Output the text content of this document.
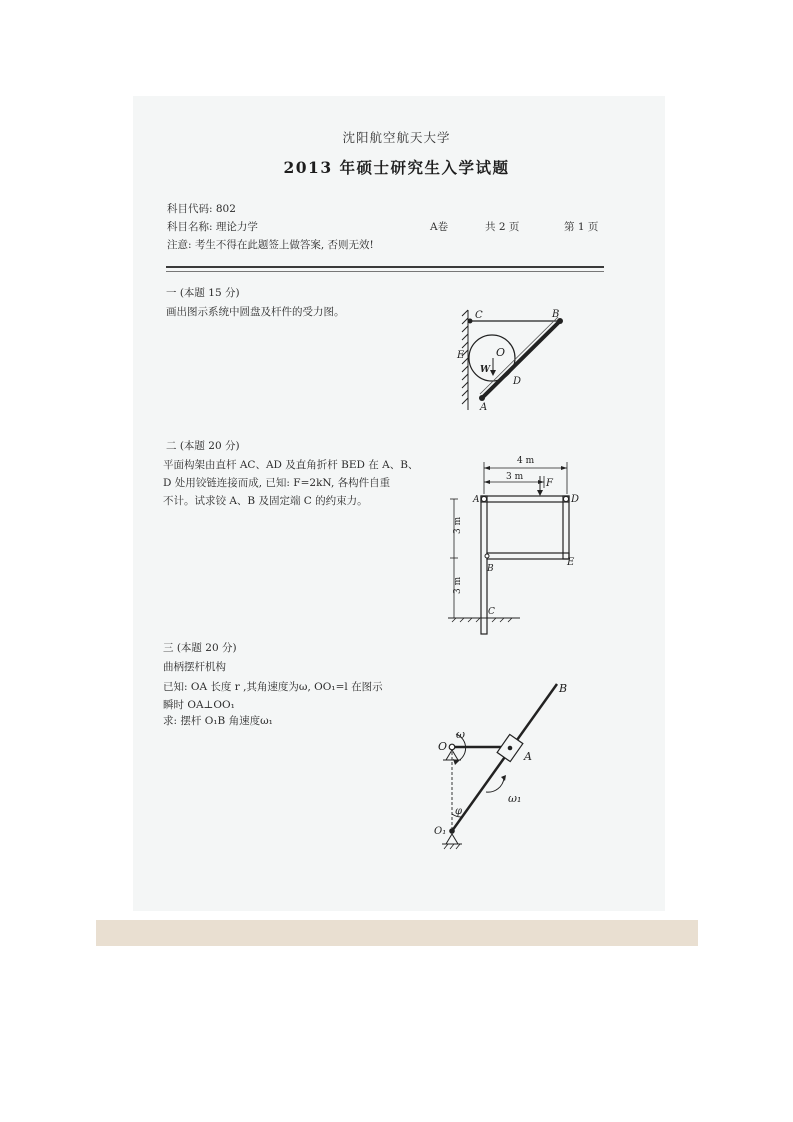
沈阳航空航天大学
2013 年硕士研究生入学试题
科目代码: 802
科目名称: 理论力学	A卷	共 2 页	第 1 页
注意: 考生不得在此题签上做答案, 否则无效!
一 (本题 15 分)
画出图示系统中圆盘及杆件的受力图。	C	B
E	O
W
D
A
二 (本题 20 分)
平面构架由直杆 AC、AD 及直角折杆 BED 在 A、B、
D 处用铰链连接而成, 已知: F=2kN, 各构件自重
不计。试求铰 A、B 及固定端 C 的约束力。
4 m
3 m
F
A	D
3 m
E
B
3 m
C
三 (本题 20 分)
曲柄摆杆机构
已知: OA 长度 r ,其角速度为ω, OO₁=l 在图示
瞬时 OA⊥OO₁
求: 摆杆 O₁B 角速度ω₁
B
O
ω
A
ω₁
φ
O₁
